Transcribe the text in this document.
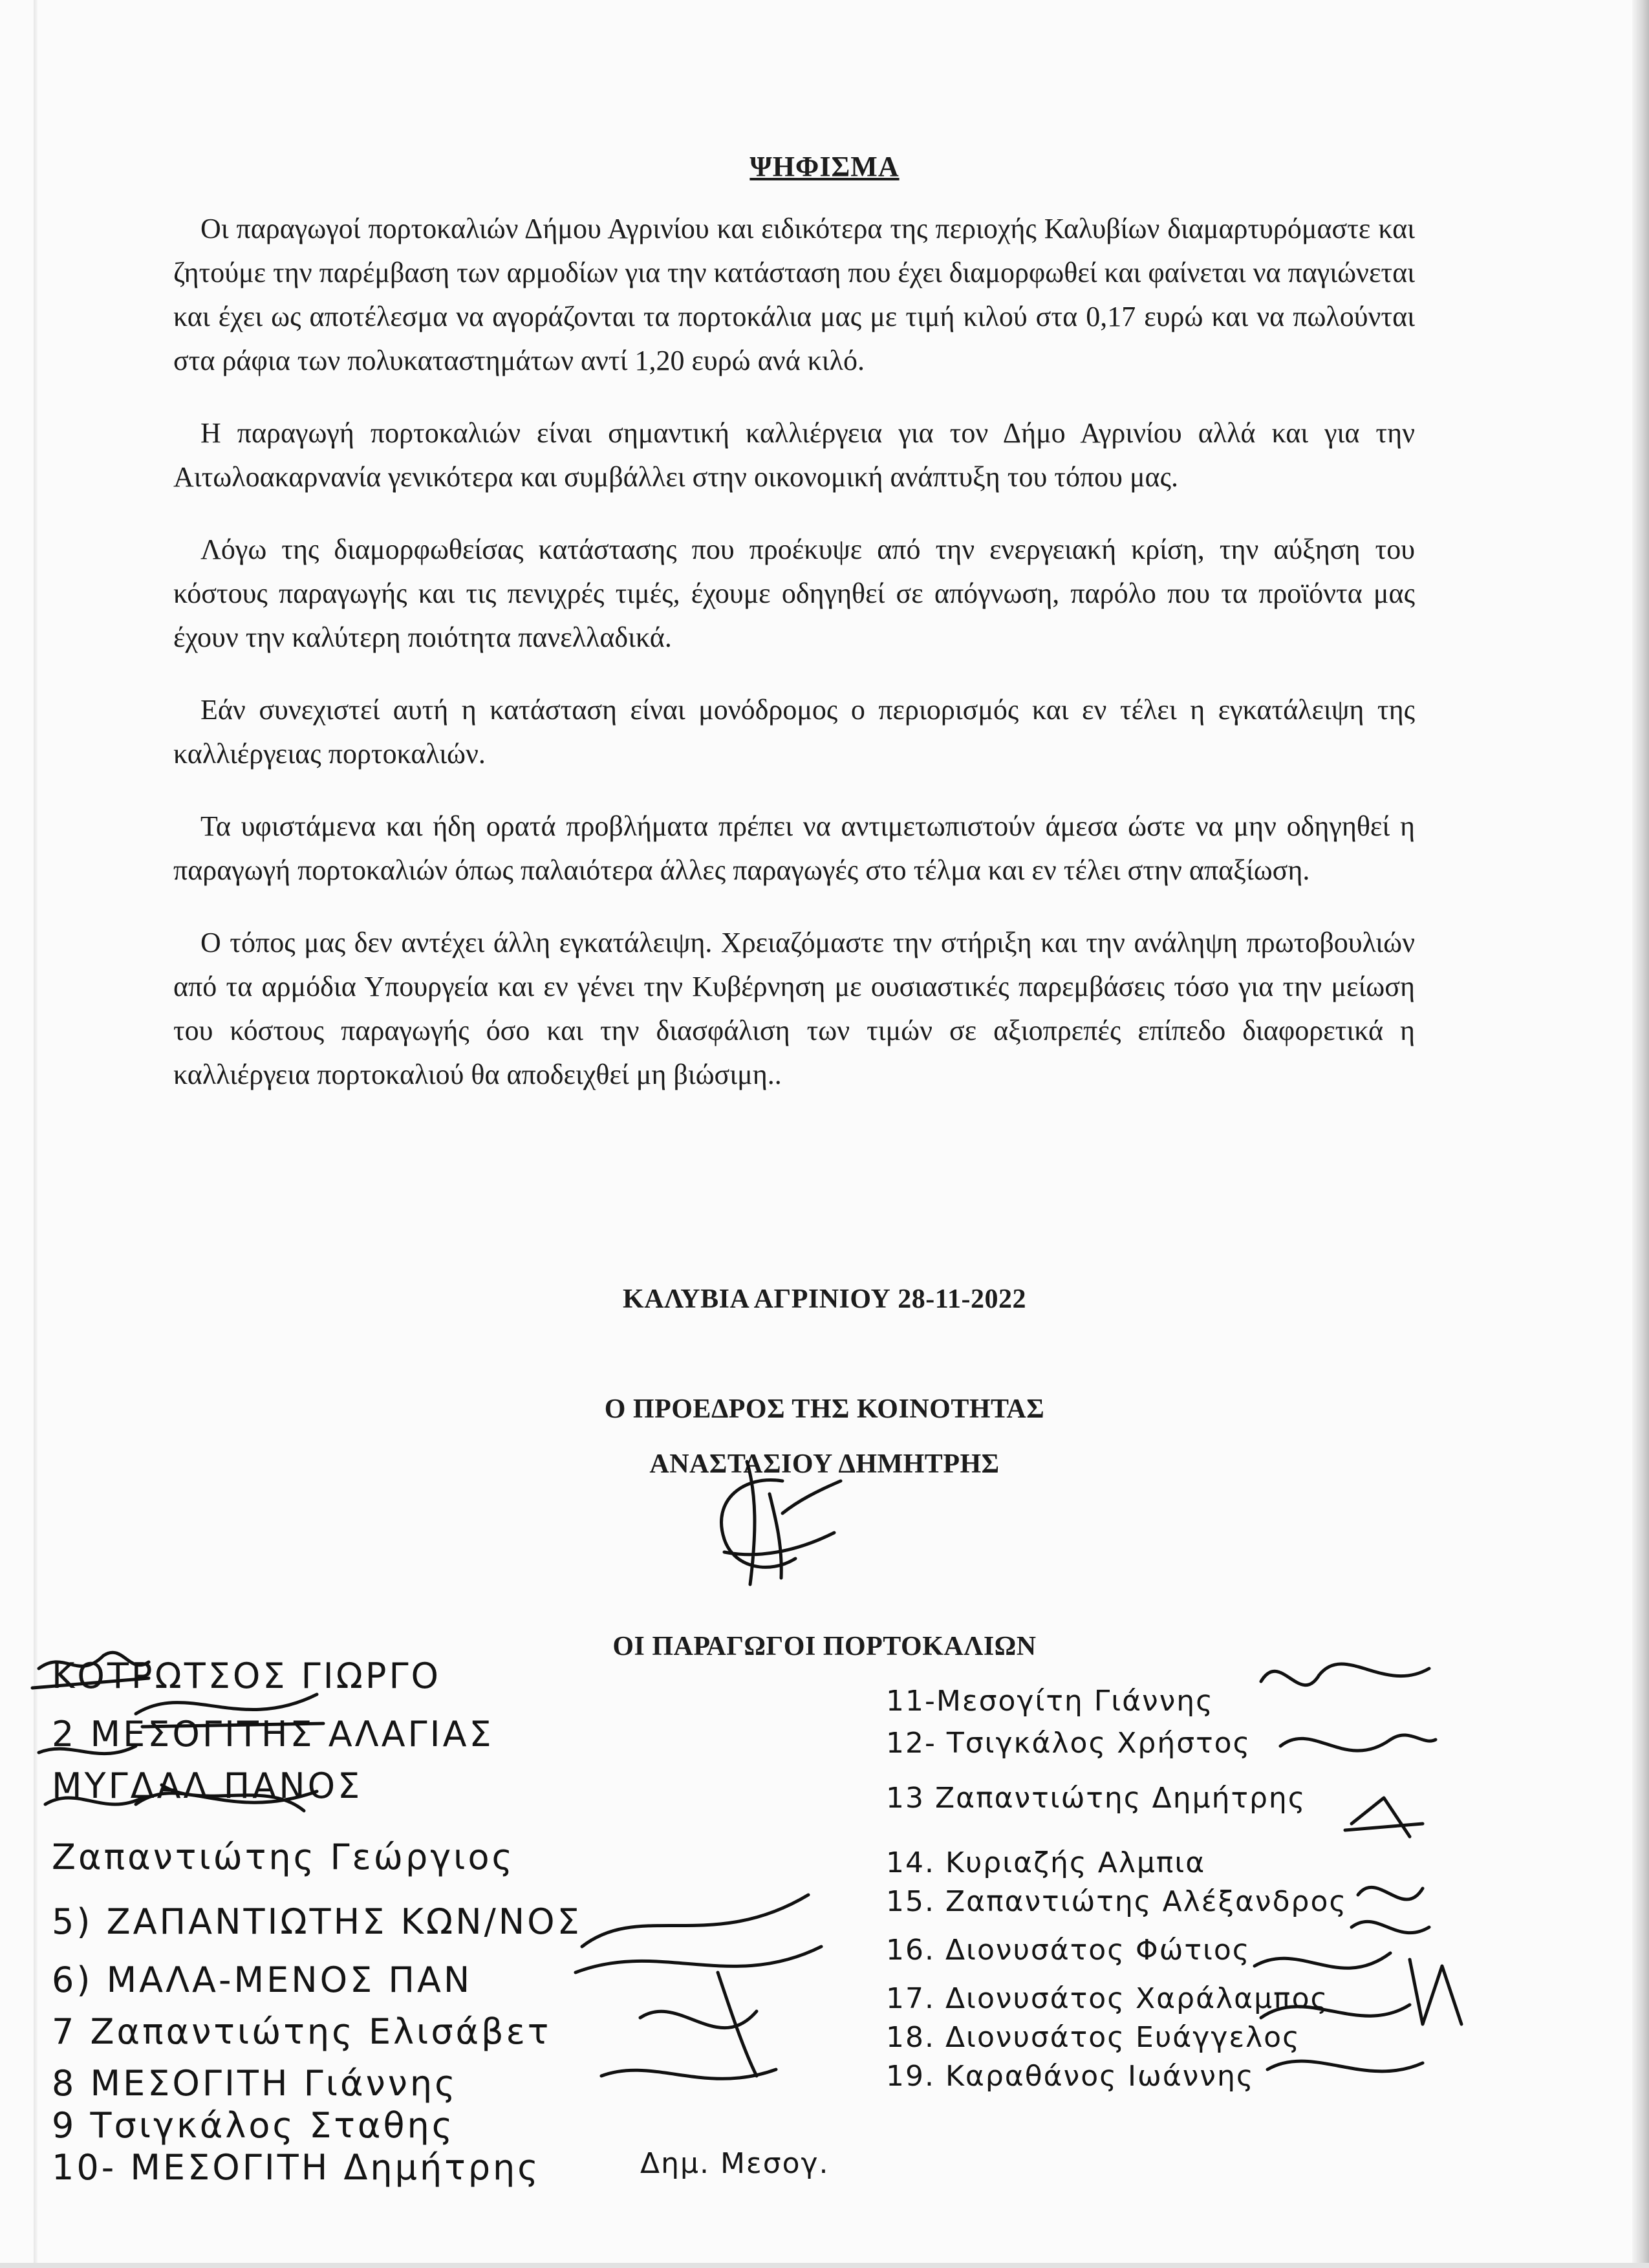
ΨΗΦΙΣΜΑ

Οι παραγωγοί πορτοκαλιών Δήμου Αγρινίου και ειδικότερα της περιοχής Καλυβίων διαμαρτυρόμαστε και ζητούμε την παρέμβαση των αρμοδίων για την κατάσταση που έχει διαμορφωθεί και φαίνεται να παγιώνεται και έχει ως αποτέλεσμα να αγοράζονται τα πορτοκάλια μας με τιμή κιλού στα 0,17 ευρώ και να πωλούνται στα ράφια των πολυκαταστημάτων αντί 1,20 ευρώ ανά κιλό.

Η παραγωγή πορτοκαλιών είναι σημαντική καλλιέργεια για τον Δήμο Αγρινίου αλλά και για την Αιτωλοακαρνανία γενικότερα και συμβάλλει στην οικονομική ανάπτυξη του τόπου μας.

Λόγω της διαμορφωθείσας κατάστασης που προέκυψε από την ενεργειακή κρίση, την αύξηση του κόστους παραγωγής και τις πενιχρές τιμές, έχουμε οδηγηθεί σε απόγνωση, παρόλο που τα προϊόντα μας έχουν την καλύτερη ποιότητα πανελλαδικά.

Εάν συνεχιστεί αυτή η κατάσταση είναι μονόδρομος ο περιορισμός και εν τέλει η εγκατάλειψη της καλλιέργειας πορτοκαλιών.

Τα υφιστάμενα και ήδη ορατά προβλήματα πρέπει να αντιμετωπιστούν άμεσα ώστε να μην οδηγηθεί η παραγωγή πορτοκαλιών όπως παλαιότερα άλλες παραγωγές στο τέλμα και εν τέλει στην απαξίωση.

Ο τόπος μας δεν αντέχει άλλη εγκατάλειψη. Χρειαζόμαστε την στήριξη και την ανάληψη πρωτοβουλιών από τα αρμόδια Υπουργεία και εν γένει την Κυβέρνηση με ουσιαστικές παρεμβάσεις τόσο για την μείωση του κόστους παραγωγής όσο και την διασφάλιση των τιμών σε αξιοπρεπές επίπεδο διαφορετικά η καλλιέργεια πορτοκαλιού θα αποδειχθεί μη βιώσιμη..

ΚΑΛΥΒΙΑ ΑΓΡΙΝΙΟΥ 28-11-2022
Ο ΠΡΟΕΔΡΟΣ ΤΗΣ ΚΟΙΝΟΤΗΤΑΣ
ΑΝΑΣΤΑΣΙΟΥ ΔΗΜΗΤΡΗΣ
ΟΙ ΠΑΡΑΓΩΓΟΙ ΠΟΡΤΟΚΑΛΙΩΝ
ΚΟΤΡΩΤΣΟΣ ΓΙΩΡΓΟ
2 ΜΕΣΟΓΙΤΗΣ ΑΛΑΓΙΑΣ
ΜΥΓΔΑΛ ΠΑΝΟΣ
Ζαπαντιώτης Γεώργιος
5) ΖΑΠΑΝΤΙΩΤΗΣ ΚΩΝ/ΝΟΣ
6) ΜΑΛΑ-ΜΕΝΟΣ ΠΑΝ
7 Ζαπαντιώτης Ελισάβετ
8 ΜΕΣΟΓΙΤΗ Γιάννης
9 Τσιγκάλος Σταθης
10- ΜΕΣΟΓΙΤΗ Δημήτρης	Δημ. Μεσογ.
11-Μεσογίτη Γιάννης
12- Τσιγκάλος Χρήστος
13 Ζαπαντιώτης Δημήτρης
14. Κυριαζής Αλμπια
15. Ζαπαντιώτης Αλέξανδρος
16. Διονυσάτος Φώτιος
17. Διονυσάτος Χαράλαμπος
18. Διονυσάτος Ευάγγελος
19. Καραθάνος Ιωάννης
